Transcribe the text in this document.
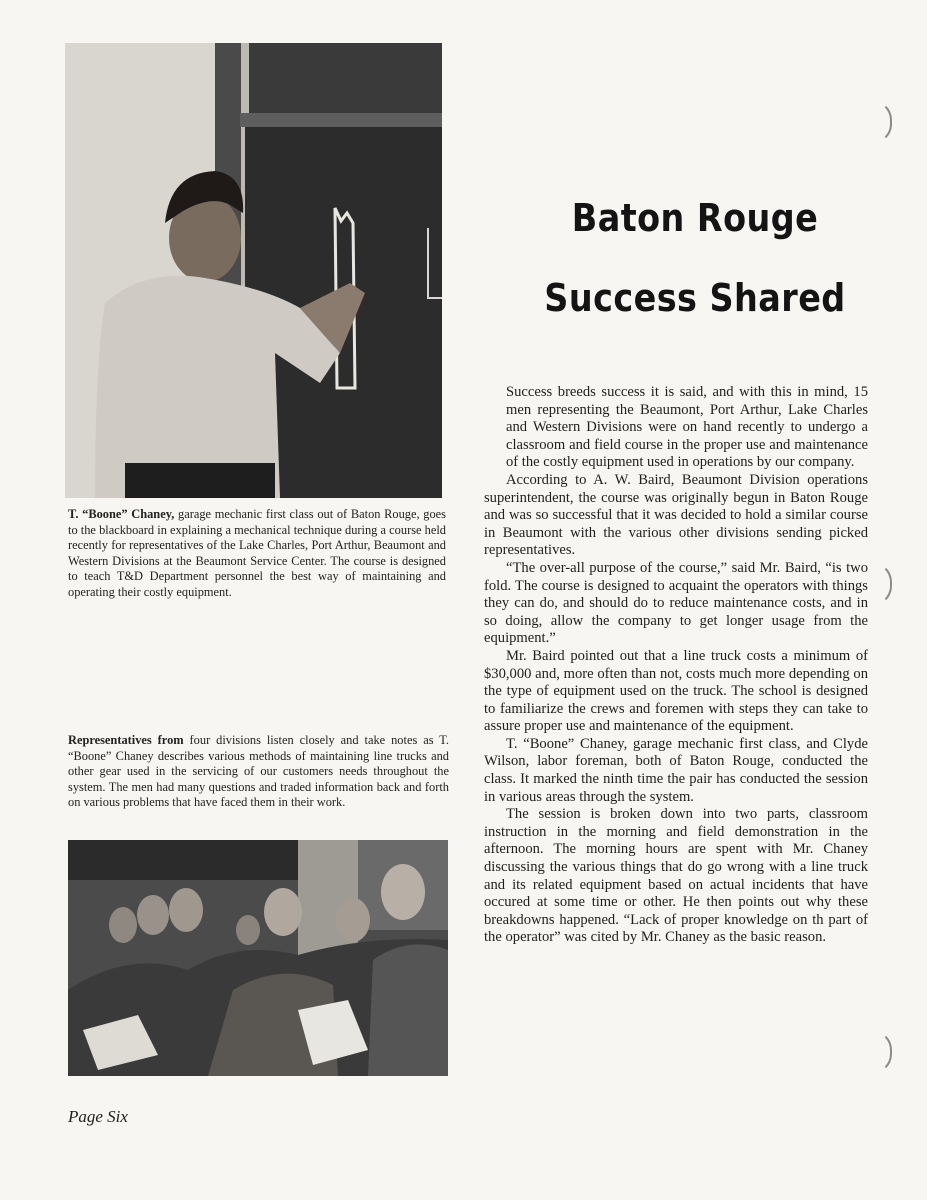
T. “Boone” Chaney, garage mechanic first class out of Baton Rouge, goes to the blackboard in explaining a mechanical technique during a course held recently for representatives of the Lake Charles, Port Arthur, Beaumont and Western Divisions at the Beaumont Service Center. The course is designed to teach T&D Department personnel the best way of maintaining and operating their costly equipment.
Representatives from four divisions listen closely and take notes as T. “Boone” Chaney describes various methods of maintaining line trucks and other gear used in the servicing of our customers needs throughout the system. The men had many questions and traded information back and forth on various problems that have faced them in their work.
Baton Rouge
Success Shared

Success breeds success it is said, and with this in mind, 15 men representing the Beaumont, Port Arthur, Lake Charles and Western Divisions were on hand recently to undergo a classroom and field course in the proper use and maintenance of the costly equipment used in operations by our company.

According to A. W. Baird, Beaumont Division operations superintendent, the course was originally begun in Baton Rouge and was so successful that it was decided to hold a similar course in Beaumont with the various other divisions sending picked representatives.

“The over-all purpose of the course,” said Mr. Baird, “is two fold. The course is designed to acquaint the operators with things they can do, and should do to reduce maintenance costs, and in so doing, allow the company to get longer usage from the equipment.”

Mr. Baird pointed out that a line truck costs a minimum of $30,000 and, more often than not, costs much more depending on the type of equipment used on the truck. The school is designed to familiarize the crews and foremen with steps they can take to assure proper use and maintenance of the equipment.

T. “Boone” Chaney, garage mechanic first class, and Clyde Wilson, labor foreman, both of Baton Rouge, conducted the class. It marked the ninth time the pair has conducted the session in various areas through the system.

The session is broken down into two parts, classroom instruction in the morning and field demonstration in the afternoon. The morning hours are spent with Mr. Chaney discussing the various things that do go wrong with a line truck and its related equipment based on actual incidents that have occured at some time or other. He then points out why these breakdowns happened. “Lack of proper knowledge on th part of the operator” was cited by Mr. Chaney as the basic reason.

Page Six
